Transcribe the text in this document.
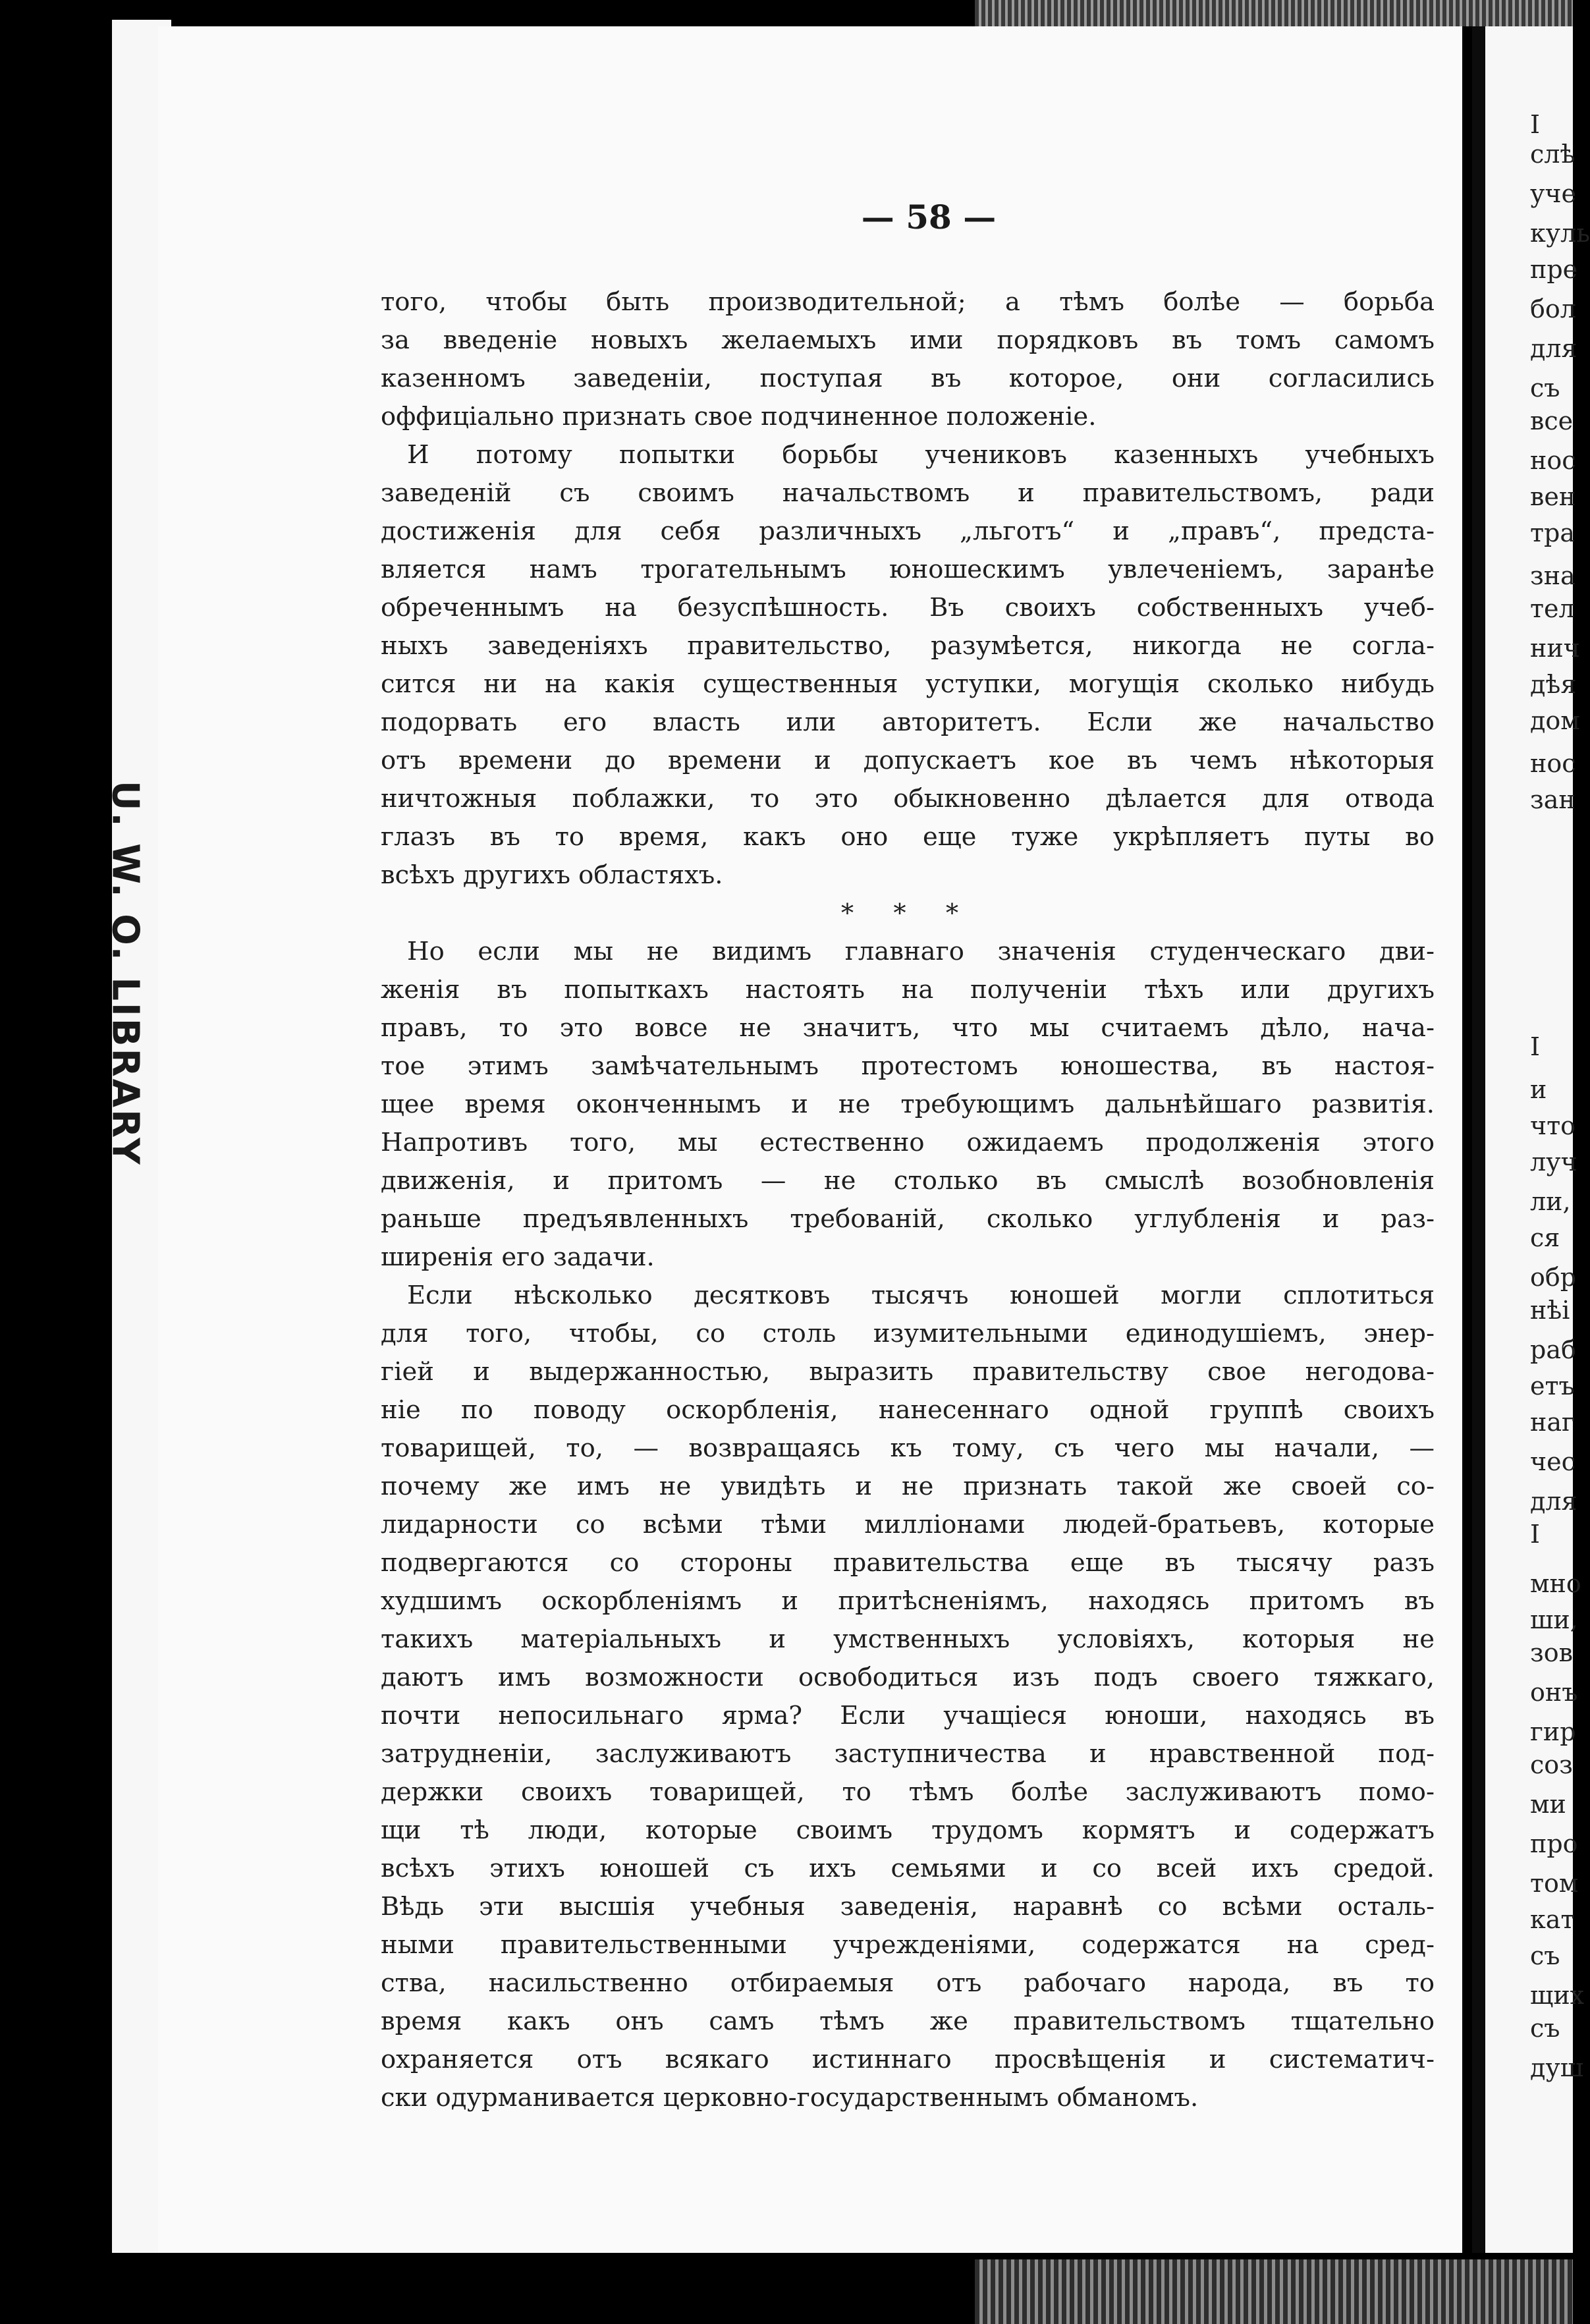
U. W. O. LIBRARY
— 58 —
того, чтобы быть производительной; а тѣмъ болѣе — борьба
за введеніе новыхъ желаемыхъ ими порядковъ въ томъ самомъ
казенномъ заведеніи, поступая въ которое, они согласились
оффиціально признать свое подчиненное положеніе.
И потому попытки борьбы учениковъ казенныхъ учебныхъ
заведеній съ своимъ начальствомъ и правительствомъ, ради
достиженія для себя различныхъ „льготъ“ и „правъ“, предста-
вляется намъ трогательнымъ юношескимъ увлеченіемъ, заранѣе
обреченнымъ на безуспѣшность. Въ своихъ собственныхъ учеб-
ныхъ заведеніяхъ правительство, разумѣется, никогда не согла-
сится ни на какія существенныя уступки, могущія сколько нибудь
подорвать его власть или авторитетъ. Если же начальство
отъ времени до времени и допускаетъ кое въ чемъ нѣкоторыя
ничтожныя поблажки, то это обыкновенно дѣлается для отвода
глазъ въ то время, какъ оно еще туже укрѣпляетъ путы во
всѣхъ другихъ областяхъ.
* * *
Но если мы не видимъ главнаго значенія студенческаго дви-
женія въ попыткахъ настоять на полученіи тѣхъ или другихъ
правъ, то это вовсе не значитъ, что мы считаемъ дѣло, нача-
тое этимъ замѣчательнымъ протестомъ юношества, въ настоя-
щее время оконченнымъ и не требующимъ дальнѣйшаго развитія.
Напротивъ того, мы естественно ожидаемъ продолженія этого
движенія, и притомъ — не столько въ смыслѣ возобновленія
раньше предъявленныхъ требованій, сколько углубленія и рaз-
ширенія его задачи.
Если нѣсколько десятковъ тысячъ юношей могли сплотиться
для того, чтобы, со столь изумительными единодушіемъ, энер-
гіей и выдержанностью, выразить правительству свое негодова-
ніе по поводу оскорбленія, нанесеннаго одной группѣ своихъ
товарищей, то, — возвращаясь къ тому, съ чего мы начали, —
почему же имъ не увидѣть и не признать такой же своей со-
лидарности со всѣми тѣми милліонами людей-братьевъ, которые
подвергаются со стороны правительства еще въ тысячу разъ
худшимъ оскорбленіямъ и притѣсненіямъ, находясь притомъ въ
такихъ матеріальныхъ и умственныхъ условіяхъ, которыя не
даютъ имъ возможности освободиться изъ подъ своего тяжкаго,
почти непосильнаго ярма? Если учащіеся юноши, находясь въ
затрудненіи, заслуживаютъ заступничества и нравственной под-
держки своихъ товарищей, то тѣмъ болѣе заслуживаютъ помо-
щи тѣ люди, которые своимъ трудомъ кормятъ и содержатъ
всѣхъ этихъ юношей съ ихъ семьями и со всей ихъ средой.
Вѣдь эти высшія учебныя заведенія, наравнѣ со всѣми осталь-
ными правительственными учрежденіями, содержатся на сред-
ства, насильственно отбираемыя отъ рабочаго народа, въ то
время какъ онъ самъ тѣмъ же правительствомъ тщательно
охраняется отъ всякаго истиннаго просвѣщенія и систематич-
ски одурманивается церковно-государственнымъ обманомъ.
I
слѣ
уче
куль
пре
бол
для
съ
все
нос
вен
тра
зна
тел
нич
дѣя
дом
нос
зан
I
и
что
луч
ли,
ся
обр
нѣі
раб
етъ
наг
чес
для
I
мно
ши,
зов
онъ
гир
соз
ми
про
том
кат
съ
щих
съ
душ
